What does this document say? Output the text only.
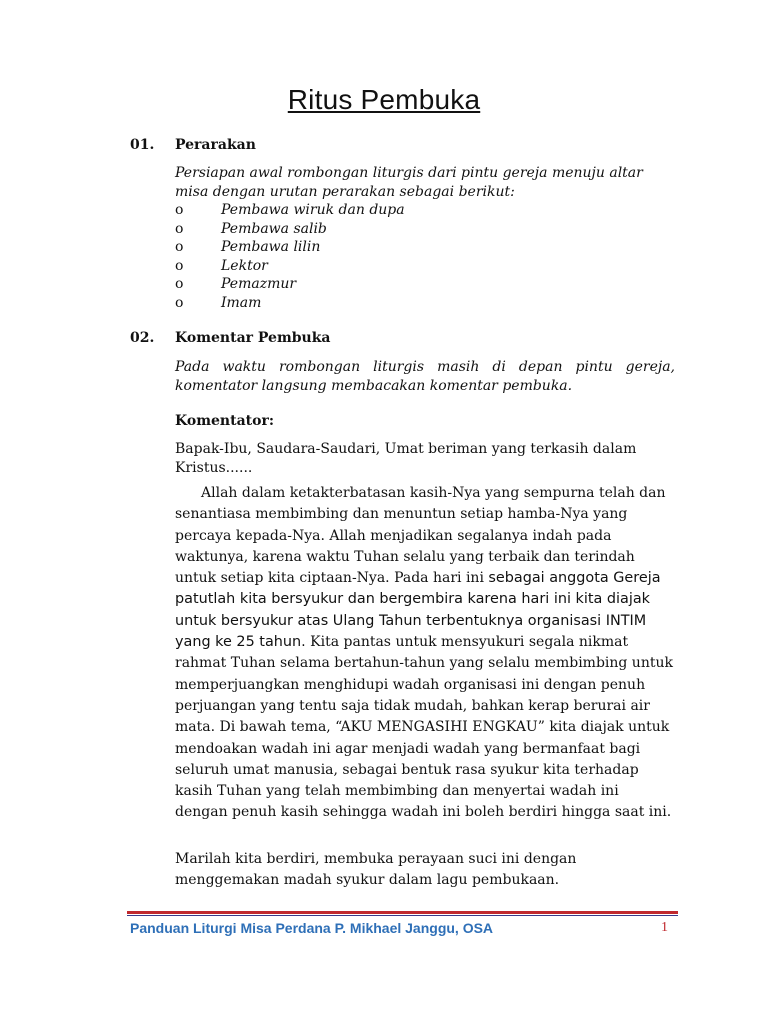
Ritus Pembuka
01. Perarakan
Persiapan awal rombongan liturgis dari pintu gereja menuju altar misa dengan urutan perarakan sebagai berikut:
o	Pembawa wiruk dan dupa
o	Pembawa salib
o	Pembawa lilin
o	Lektor
o	Pemazmur
o	Imam
02. Komentar Pembuka
Pada waktu rombongan liturgis masih di depan pintu gereja, komentator langsung membacakan komentar pembuka.
Komentator:
Bapak-Ibu, Saudara-Saudari, Umat beriman yang terkasih dalam Kristus......
Allah dalam ketakterbatasan kasih-Nya yang sempurna telah dan senantiasa membimbing dan menuntun setiap hamba-Nya yang percaya kepada-Nya. Allah menjadikan segalanya indah pada waktunya, karena waktu Tuhan selalu yang terbaik dan terindah untuk setiap kita ciptaan-Nya. Pada hari ini sebagai anggota Gereja patutlah kita bersyukur dan bergembira karena hari ini kita diajak untuk bersyukur atas Ulang Tahun terbentuknya organisasi INTIM yang ke 25 tahun. Kita pantas untuk mensyukuri segala nikmat rahmat Tuhan selama bertahun-tahun yang selalu membimbing untuk memperjuangkan menghidupi wadah organisasi ini dengan penuh perjuangan yang tentu saja tidak mudah, bahkan kerap berurai air mata. Di bawah tema, “AKU MENGASIHI ENGKAU” kita diajak untuk mendoakan wadah ini agar menjadi wadah yang bermanfaat bagi seluruh umat manusia, sebagai bentuk rasa syukur kita terhadap kasih Tuhan yang telah membimbing dan menyertai wadah ini dengan penuh kasih sehingga wadah ini boleh berdiri hingga saat ini.
Marilah kita berdiri, membuka perayaan suci ini dengan menggemakan madah syukur dalam lagu pembukaan.
Panduan Liturgi Misa Perdana P. Mikhael Janggu, OSA	1
